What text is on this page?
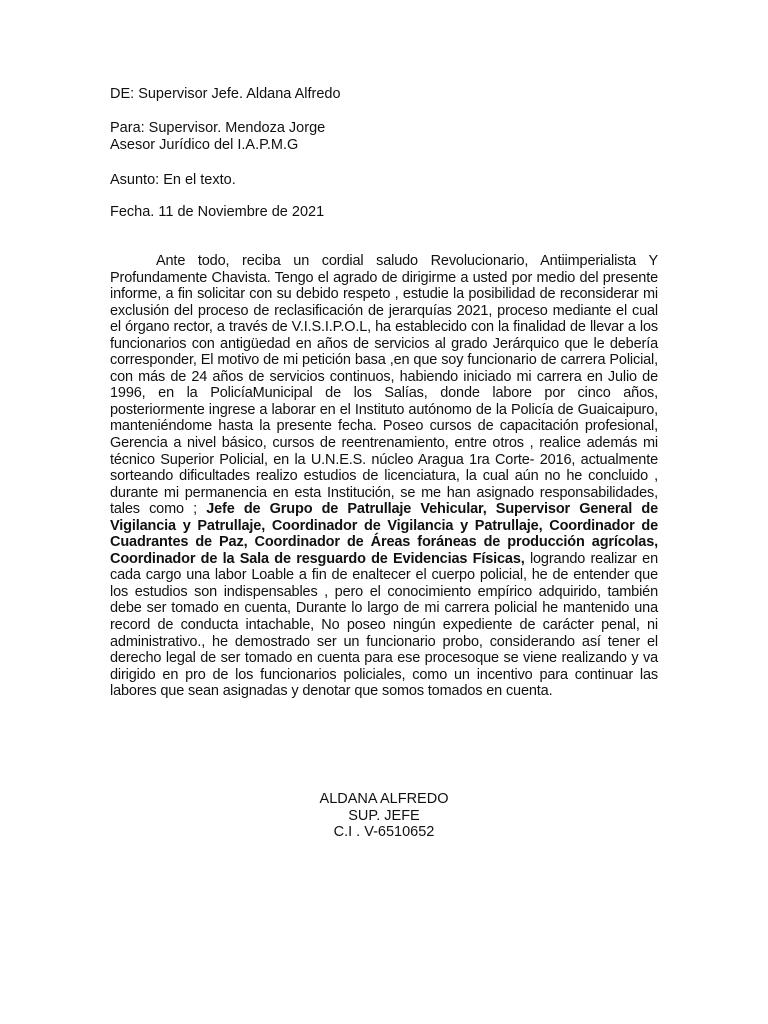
DE: Supervisor Jefe. Aldana Alfredo

Para: Supervisor. Mendoza Jorge

Asesor Jurídico del I.A.P.M.G

Asunto: En el texto.

Fecha. 11 de Noviembre de 2021

Ante todo, reciba un cordial saludo Revolucionario, Antiimperialista Y Profundamente Chavista. Tengo el agrado de dirigirme a usted por medio del presente informe, a fin solicitar con su debido respeto , estudie la posibilidad de reconsiderar mi exclusión del proceso de reclasificación de jerarquías 2021, proceso mediante el cual el órgano rector, a través de V.I.S.I.P.O.L, ha establecido con la finalidad de llevar a los funcionarios con antigüedad en años de servicios al grado Jerárquico que le debería corresponder, El motivo de mi petición basa ,en que soy funcionario de carrera Policial, con más de 24 años de servicios continuos, habiendo iniciado mi carrera en Julio de 1996, en la PolicíaMunicipal de los Salías, donde labore por cinco años, posteriormente ingrese a laborar en el Instituto autónomo de la Policía de Guaicaipuro, manteniéndome hasta la presente fecha. Poseo cursos de capacitación profesional, Gerencia a nivel básico, cursos de reentrenamiento, entre otros , realice además mi técnico Superior Policial, en la U.N.E.S. núcleo Aragua 1ra Corte- 2016, actualmente sorteando dificultades realizo estudios de licenciatura, la cual aún no he concluido , durante mi permanencia en esta Institución, se me han asignado responsabilidades, tales como ; Jefe de Grupo de Patrullaje Vehicular, Supervisor General de Vigilancia y Patrullaje, Coordinador de Vigilancia y Patrullaje, Coordinador de Cuadrantes de Paz, Coordinador de Áreas foráneas de producción agrícolas, Coordinador de la Sala de resguardo de Evidencias Físicas, logrando realizar en cada cargo una labor Loable a fin de enaltecer el cuerpo policial, he de entender que los estudios son indispensables , pero el conocimiento empírico adquirido, también debe ser tomado en cuenta, Durante lo largo de mi carrera policial he mantenido una record de conducta intachable, No poseo ningún expediente de carácter penal, ni administrativo., he demostrado ser un funcionario probo, considerando así tener el derecho legal de ser tomado en cuenta para ese procesoque se viene realizando y va dirigido en pro de los funcionarios policiales, como un incentivo para continuar las labores que sean asignadas y denotar que somos tomados en cuenta.

ALDANA ALFREDO

SUP. JEFE

C.I . V-6510652
